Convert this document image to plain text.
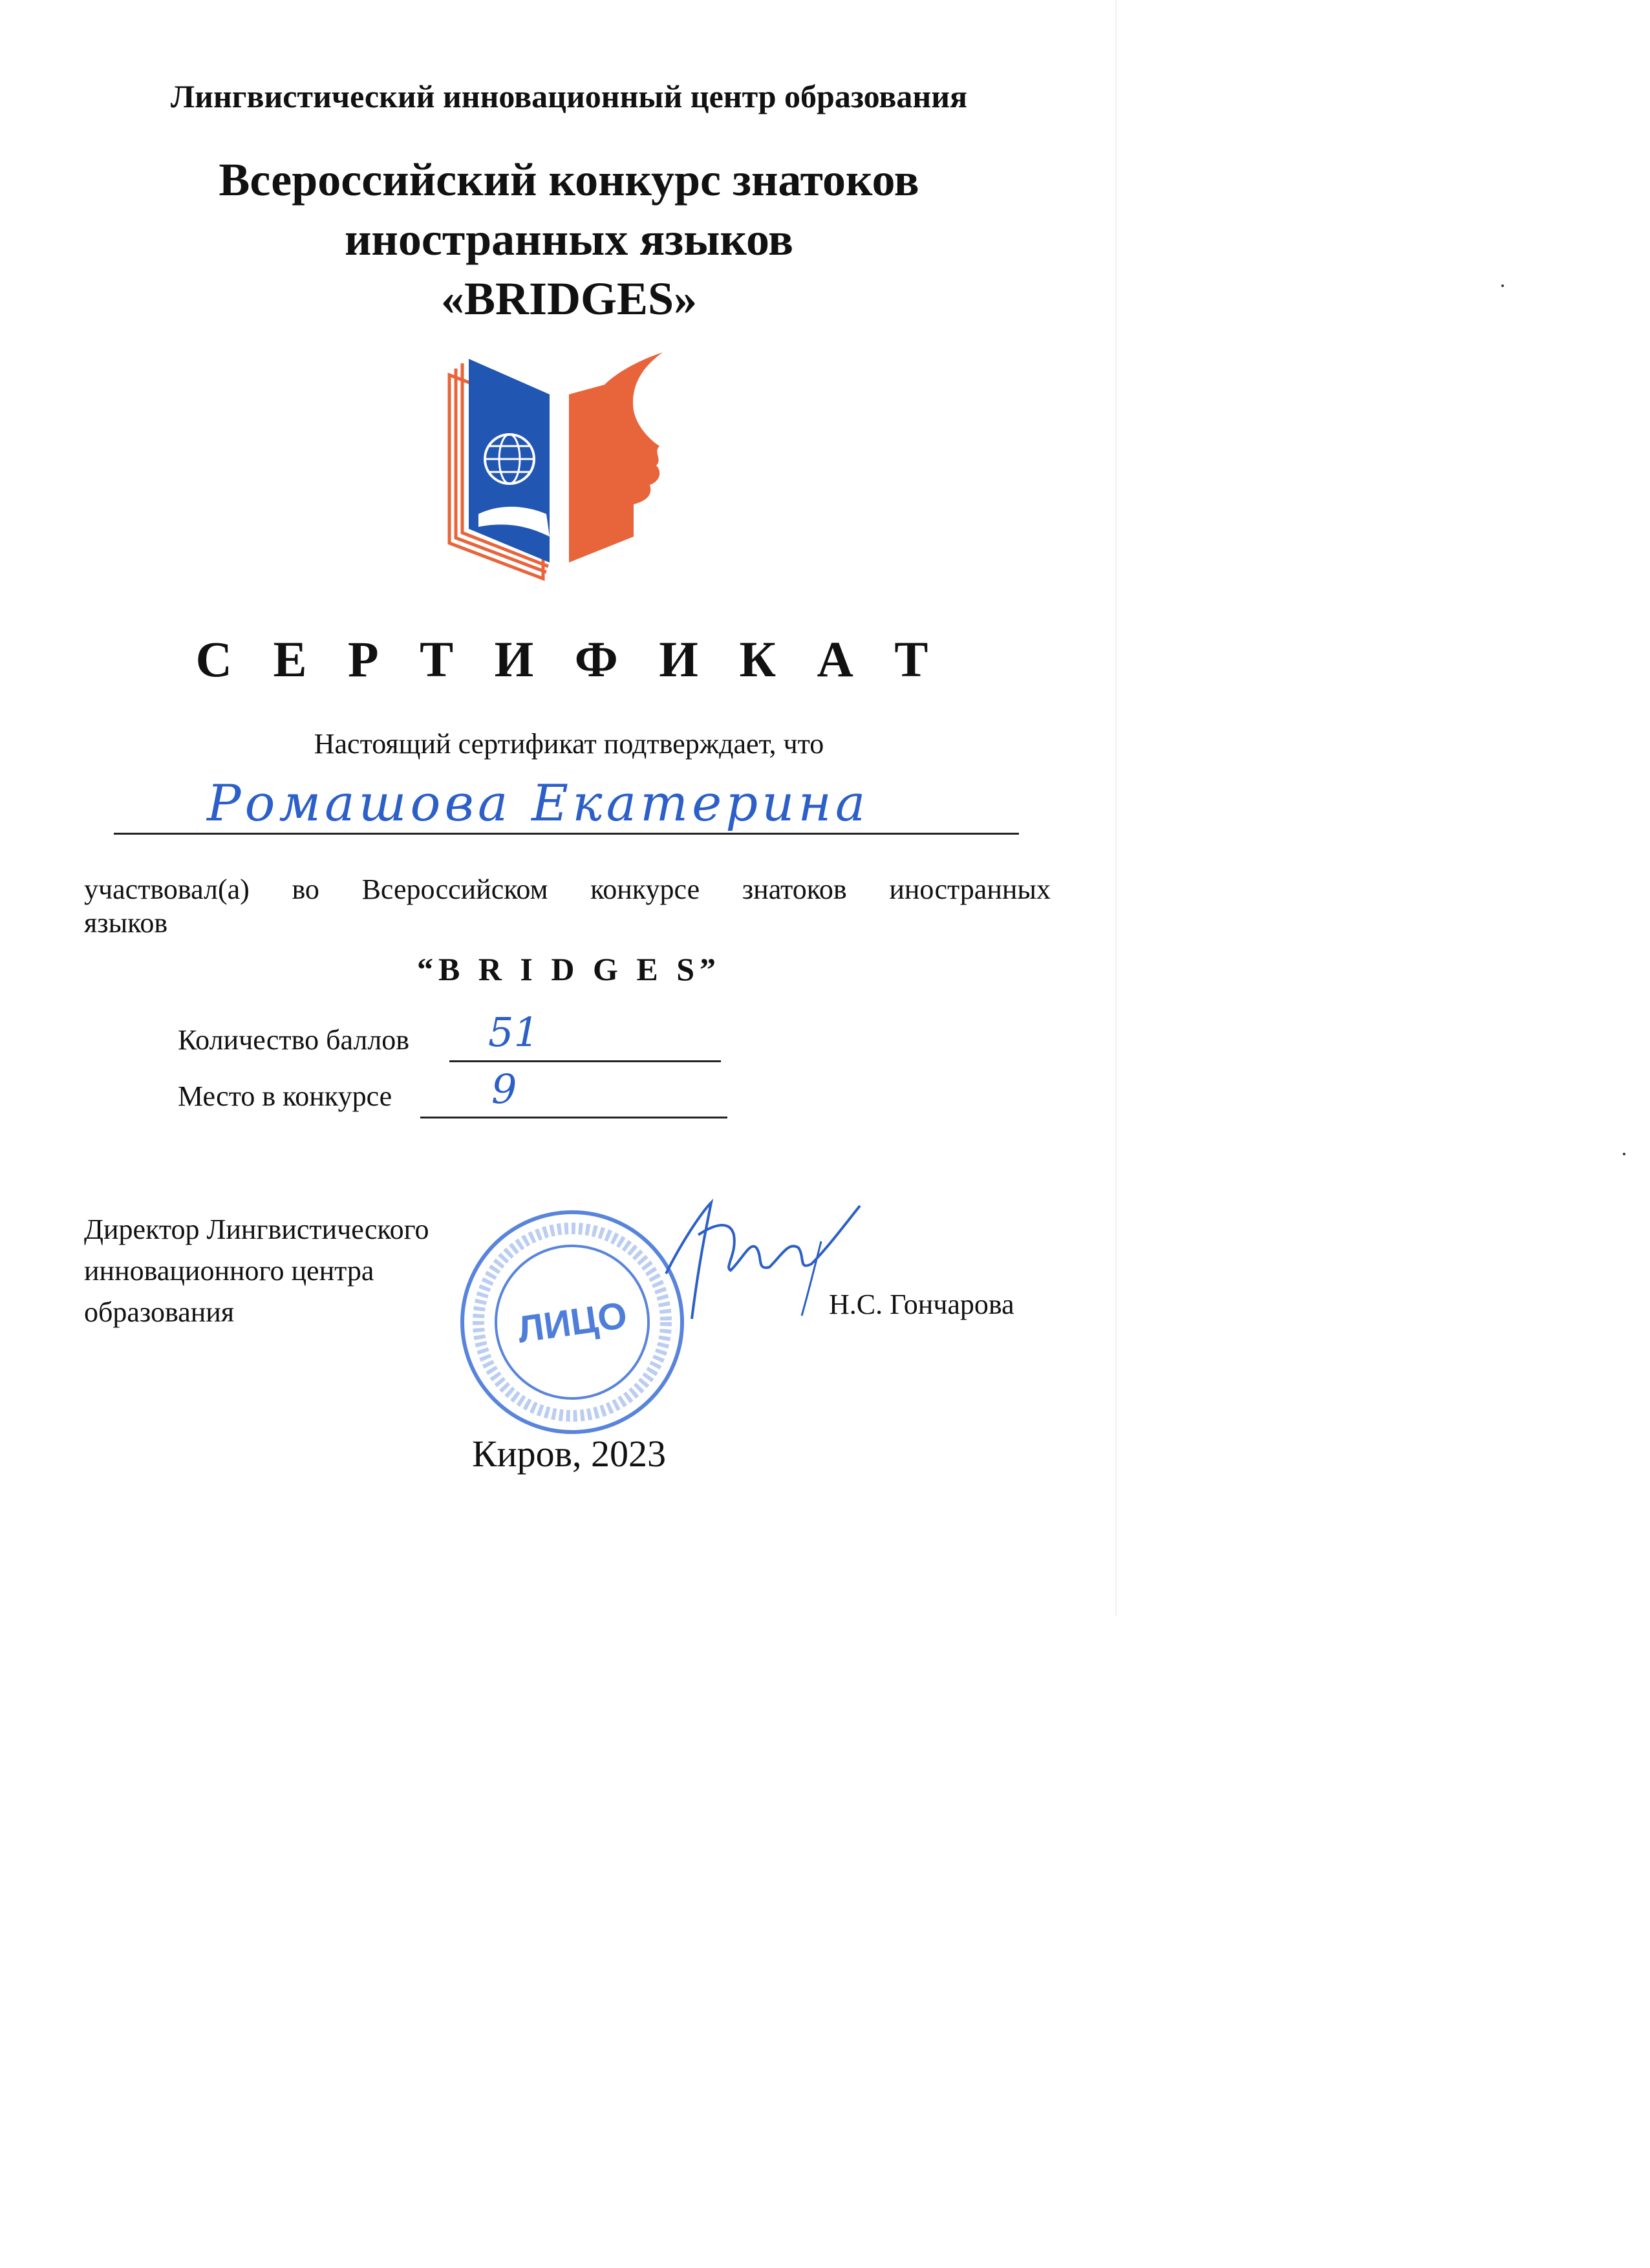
Лингвистический инновационный центр образования
Всероссийский конкурс знатоков
иностранных языков
«BRIDGES»
С Е Р Т И Ф И К А Т
Настоящий сертификат подтверждает, что
Ромашова Екатерина
участвовал(а) во Всероссийском конкурсе знатоков иностранных
языков
“B R I D G E S”
Количество баллов 51
Место в конкурсе 9
Директор Лингвистического
инновационного центра
образования	ЛИЦО	Н.С. Гончарова
Киров, 2023
